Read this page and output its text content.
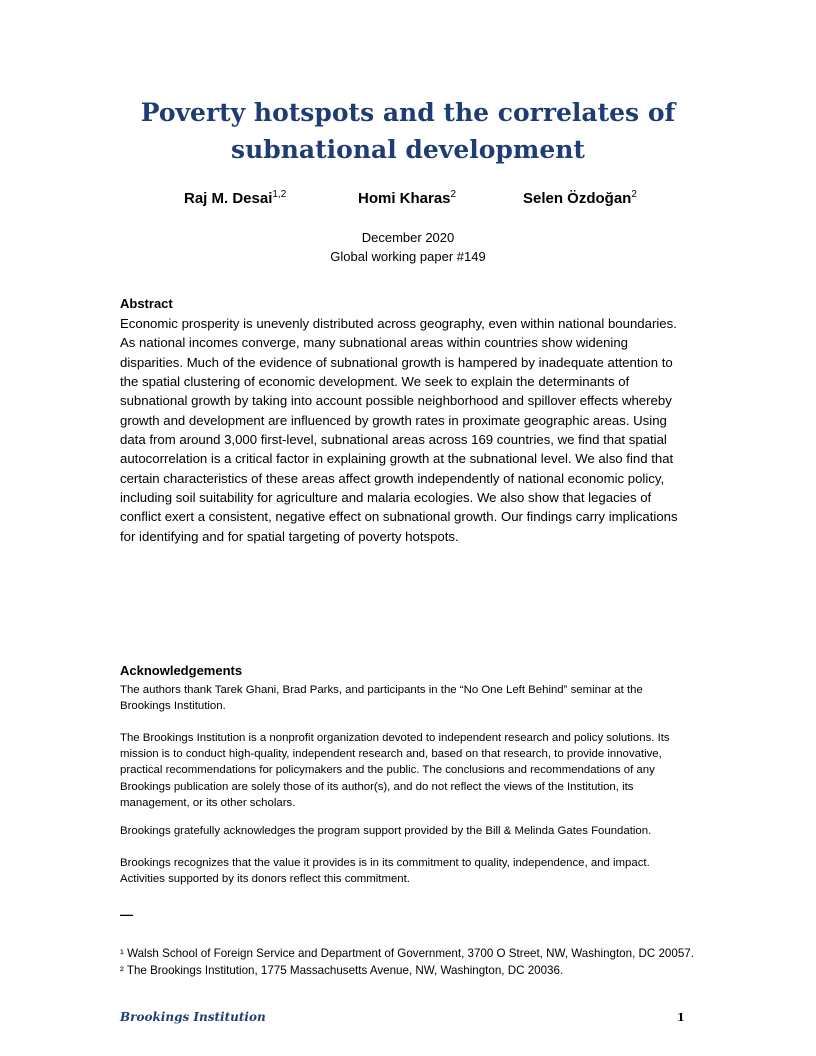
Poverty hotspots and the correlates of
subnational development
Raj M. Desai$^{1,2}$	Homi Kharas$^2$	Selen Özdoğan$^2$
December 2020
Global working paper #149
Abstract
Economic prosperity is unevenly distributed across geography, even within national boundaries.
As national incomes converge, many subnational areas within countries show widening
disparities. Much of the evidence of subnational growth is hampered by inadequate attention to
the spatial clustering of economic development. We seek to explain the determinants of
subnational growth by taking into account possible neighborhood and spillover effects whereby
growth and development are influenced by growth rates in proximate geographic areas. Using
data from around 3,000 first-level, subnational areas across 169 countries, we find that spatial
autocorrelation is a critical factor in explaining growth at the subnational level. We also find that
certain characteristics of these areas affect growth independently of national economic policy,
including soil suitability for agriculture and malaria ecologies. We also show that legacies of
conflict exert a consistent, negative effect on subnational growth. Our findings carry implications
for identifying and for spatial targeting of poverty hotspots.
Acknowledgements
The authors thank Tarek Ghani, Brad Parks, and participants in the “No One Left Behind” seminar at the
Brookings Institution.
The Brookings Institution is a nonprofit organization devoted to independent research and policy solutions. Its
mission is to conduct high-quality, independent research and, based on that research, to provide innovative,
practical recommendations for policymakers and the public. The conclusions and recommendations of any
Brookings publication are solely those of its author(s), and do not reflect the views of the Institution, its
management, or its other scholars.
Brookings gratefully acknowledges the program support provided by the Bill & Melinda Gates Foundation.
Brookings recognizes that the value it provides is in its commitment to quality, independence, and impact.
Activities supported by its donors reflect this commitment.
—
¹ Walsh School of Foreign Service and Department of Government, 3700 O Street, NW, Washington, DC 20057.
² The Brookings Institution, 1775 Massachusetts Avenue, NW, Washington, DC 20036.
Brookings Institution	1
